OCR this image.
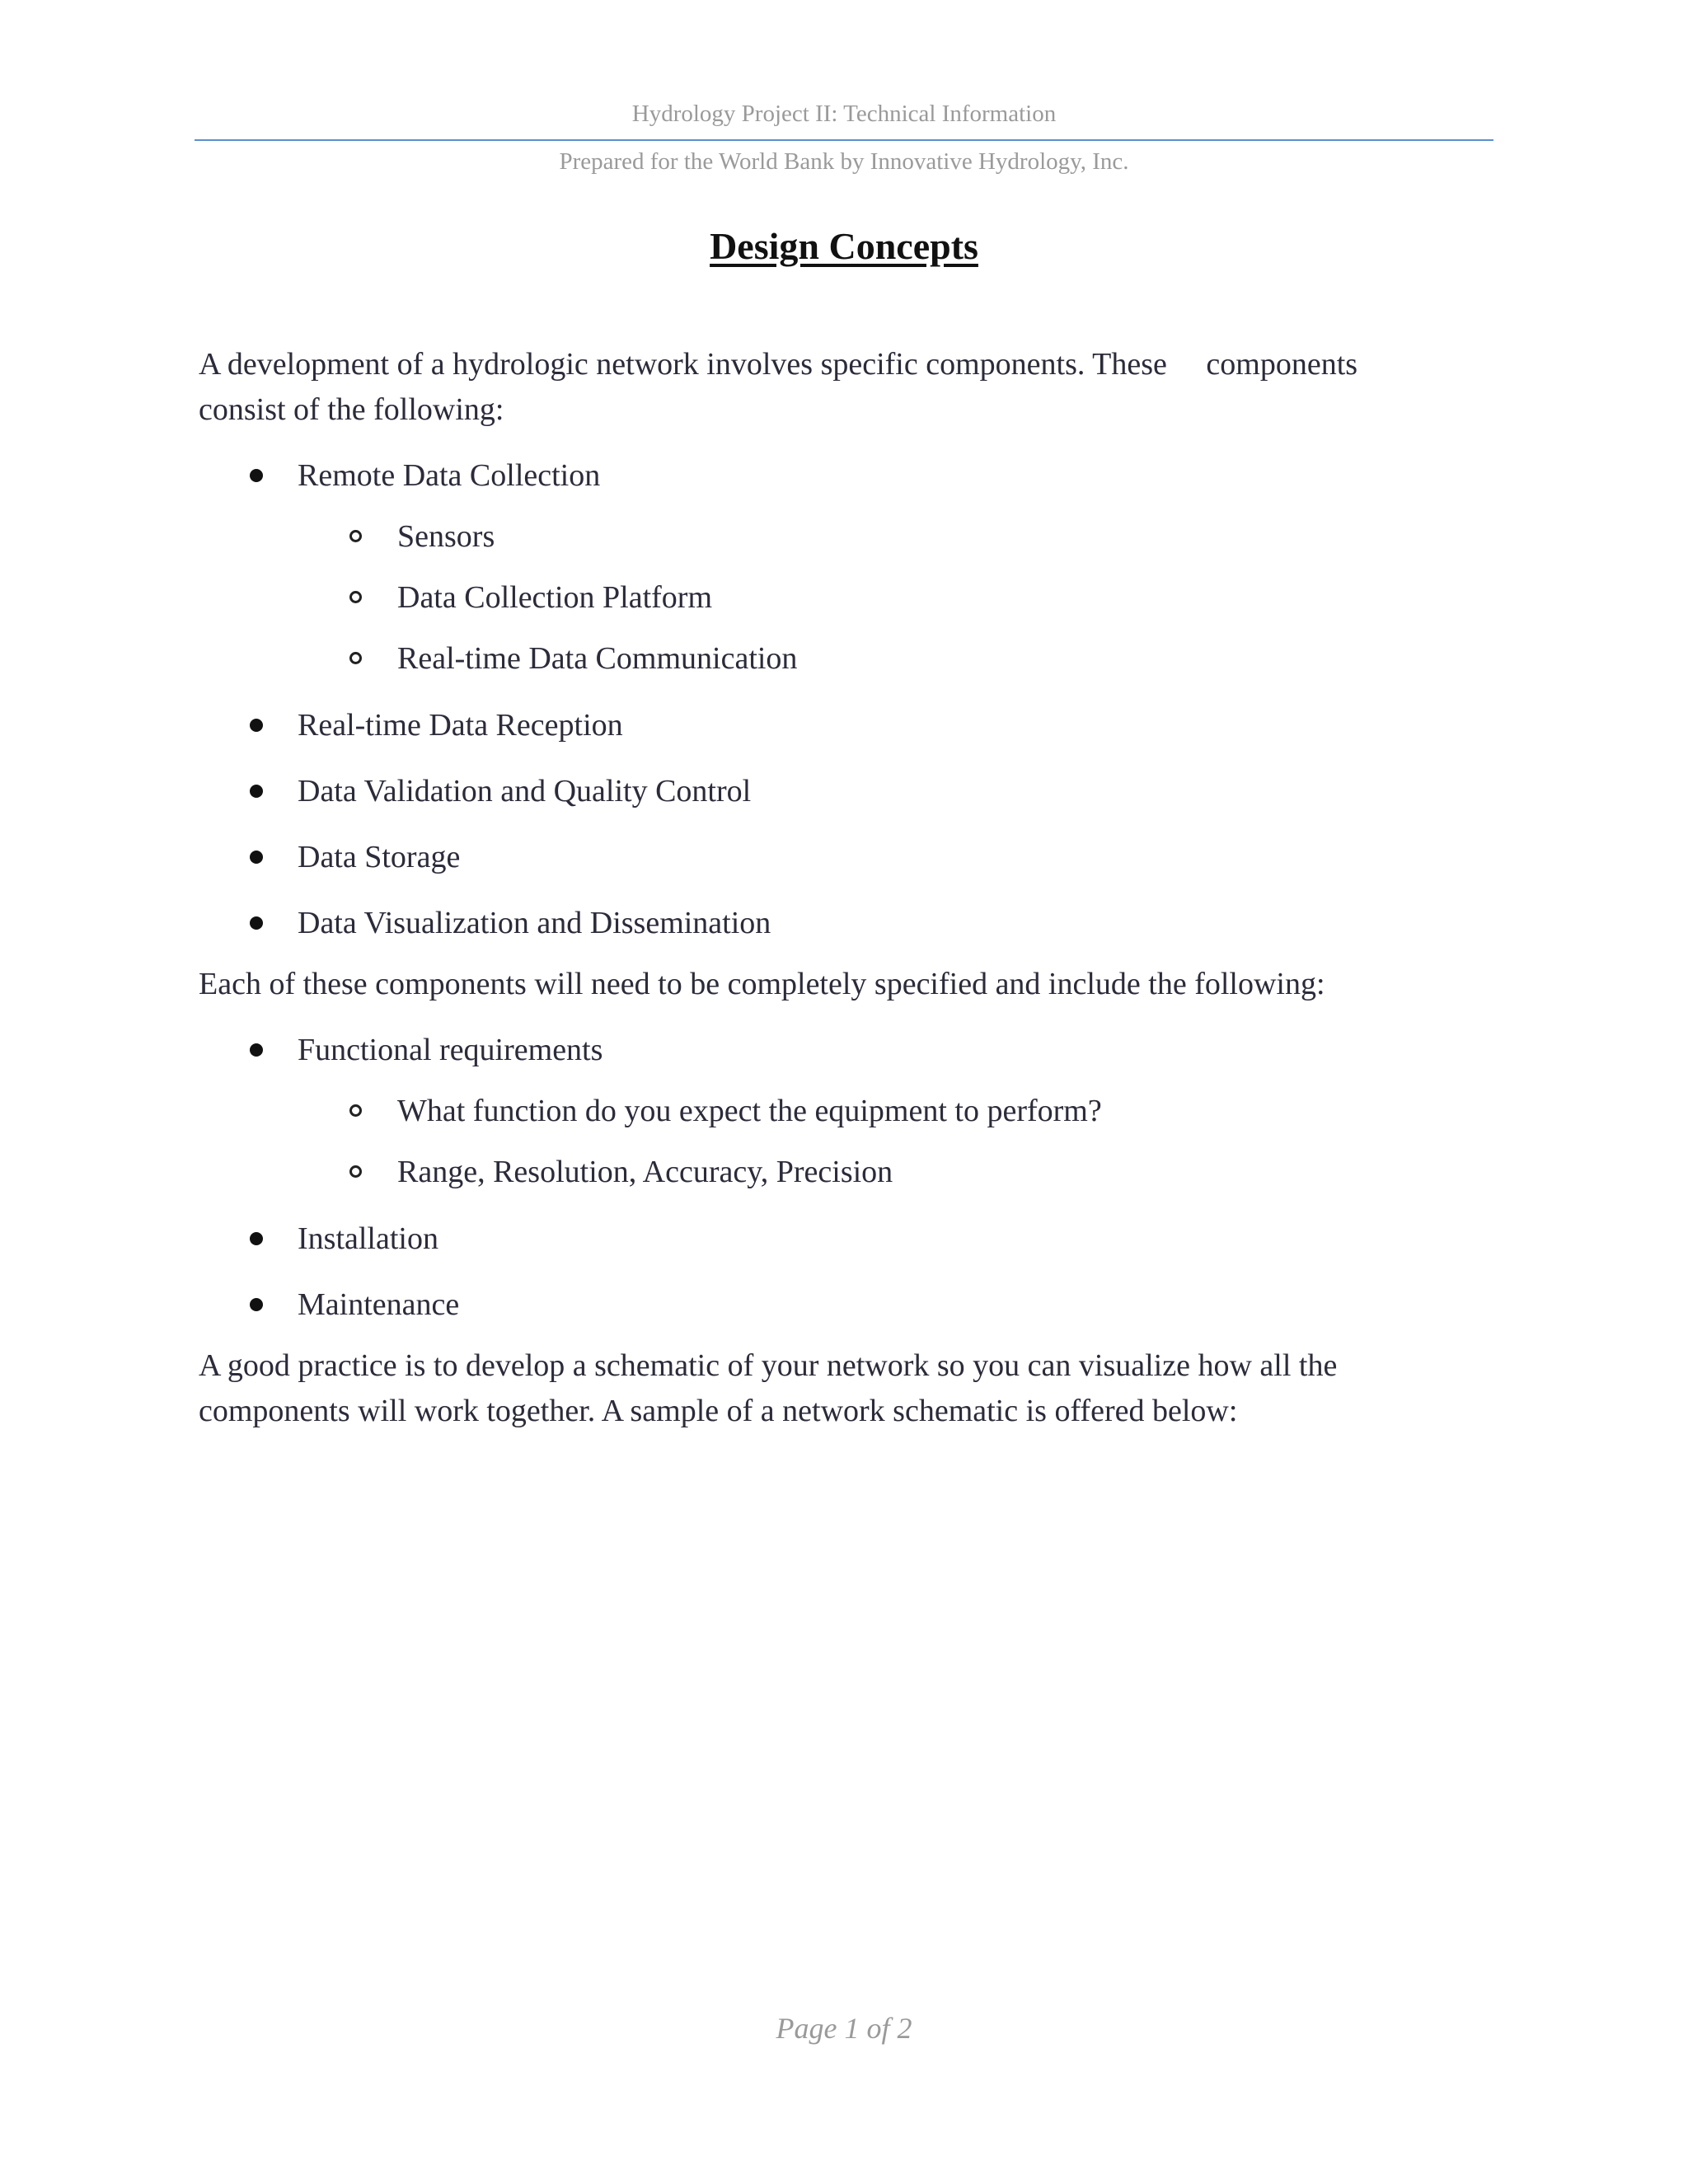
Hydrology Project II: Technical Information
Prepared for the World Bank by Innovative Hydrology, Inc.
Design Concepts

A development of a hydrologic network involves specific components. These     components consist of the following:

Remote Data Collection
Sensors
Data Collection Platform
Real-time Data Communication
Real-time Data Reception
Data Validation and Quality Control
Data Storage
Data Visualization and Dissemination

Each of these components will need to be completely specified and include the following:

Functional requirements
What function do you expect the equipment to perform?
Range, Resolution, Accuracy, Precision
Installation
Maintenance

A good practice is to develop a schematic of your network so you can visualize how all the components will work together. A sample of a network schematic is offered below:

Page 1 of 2
